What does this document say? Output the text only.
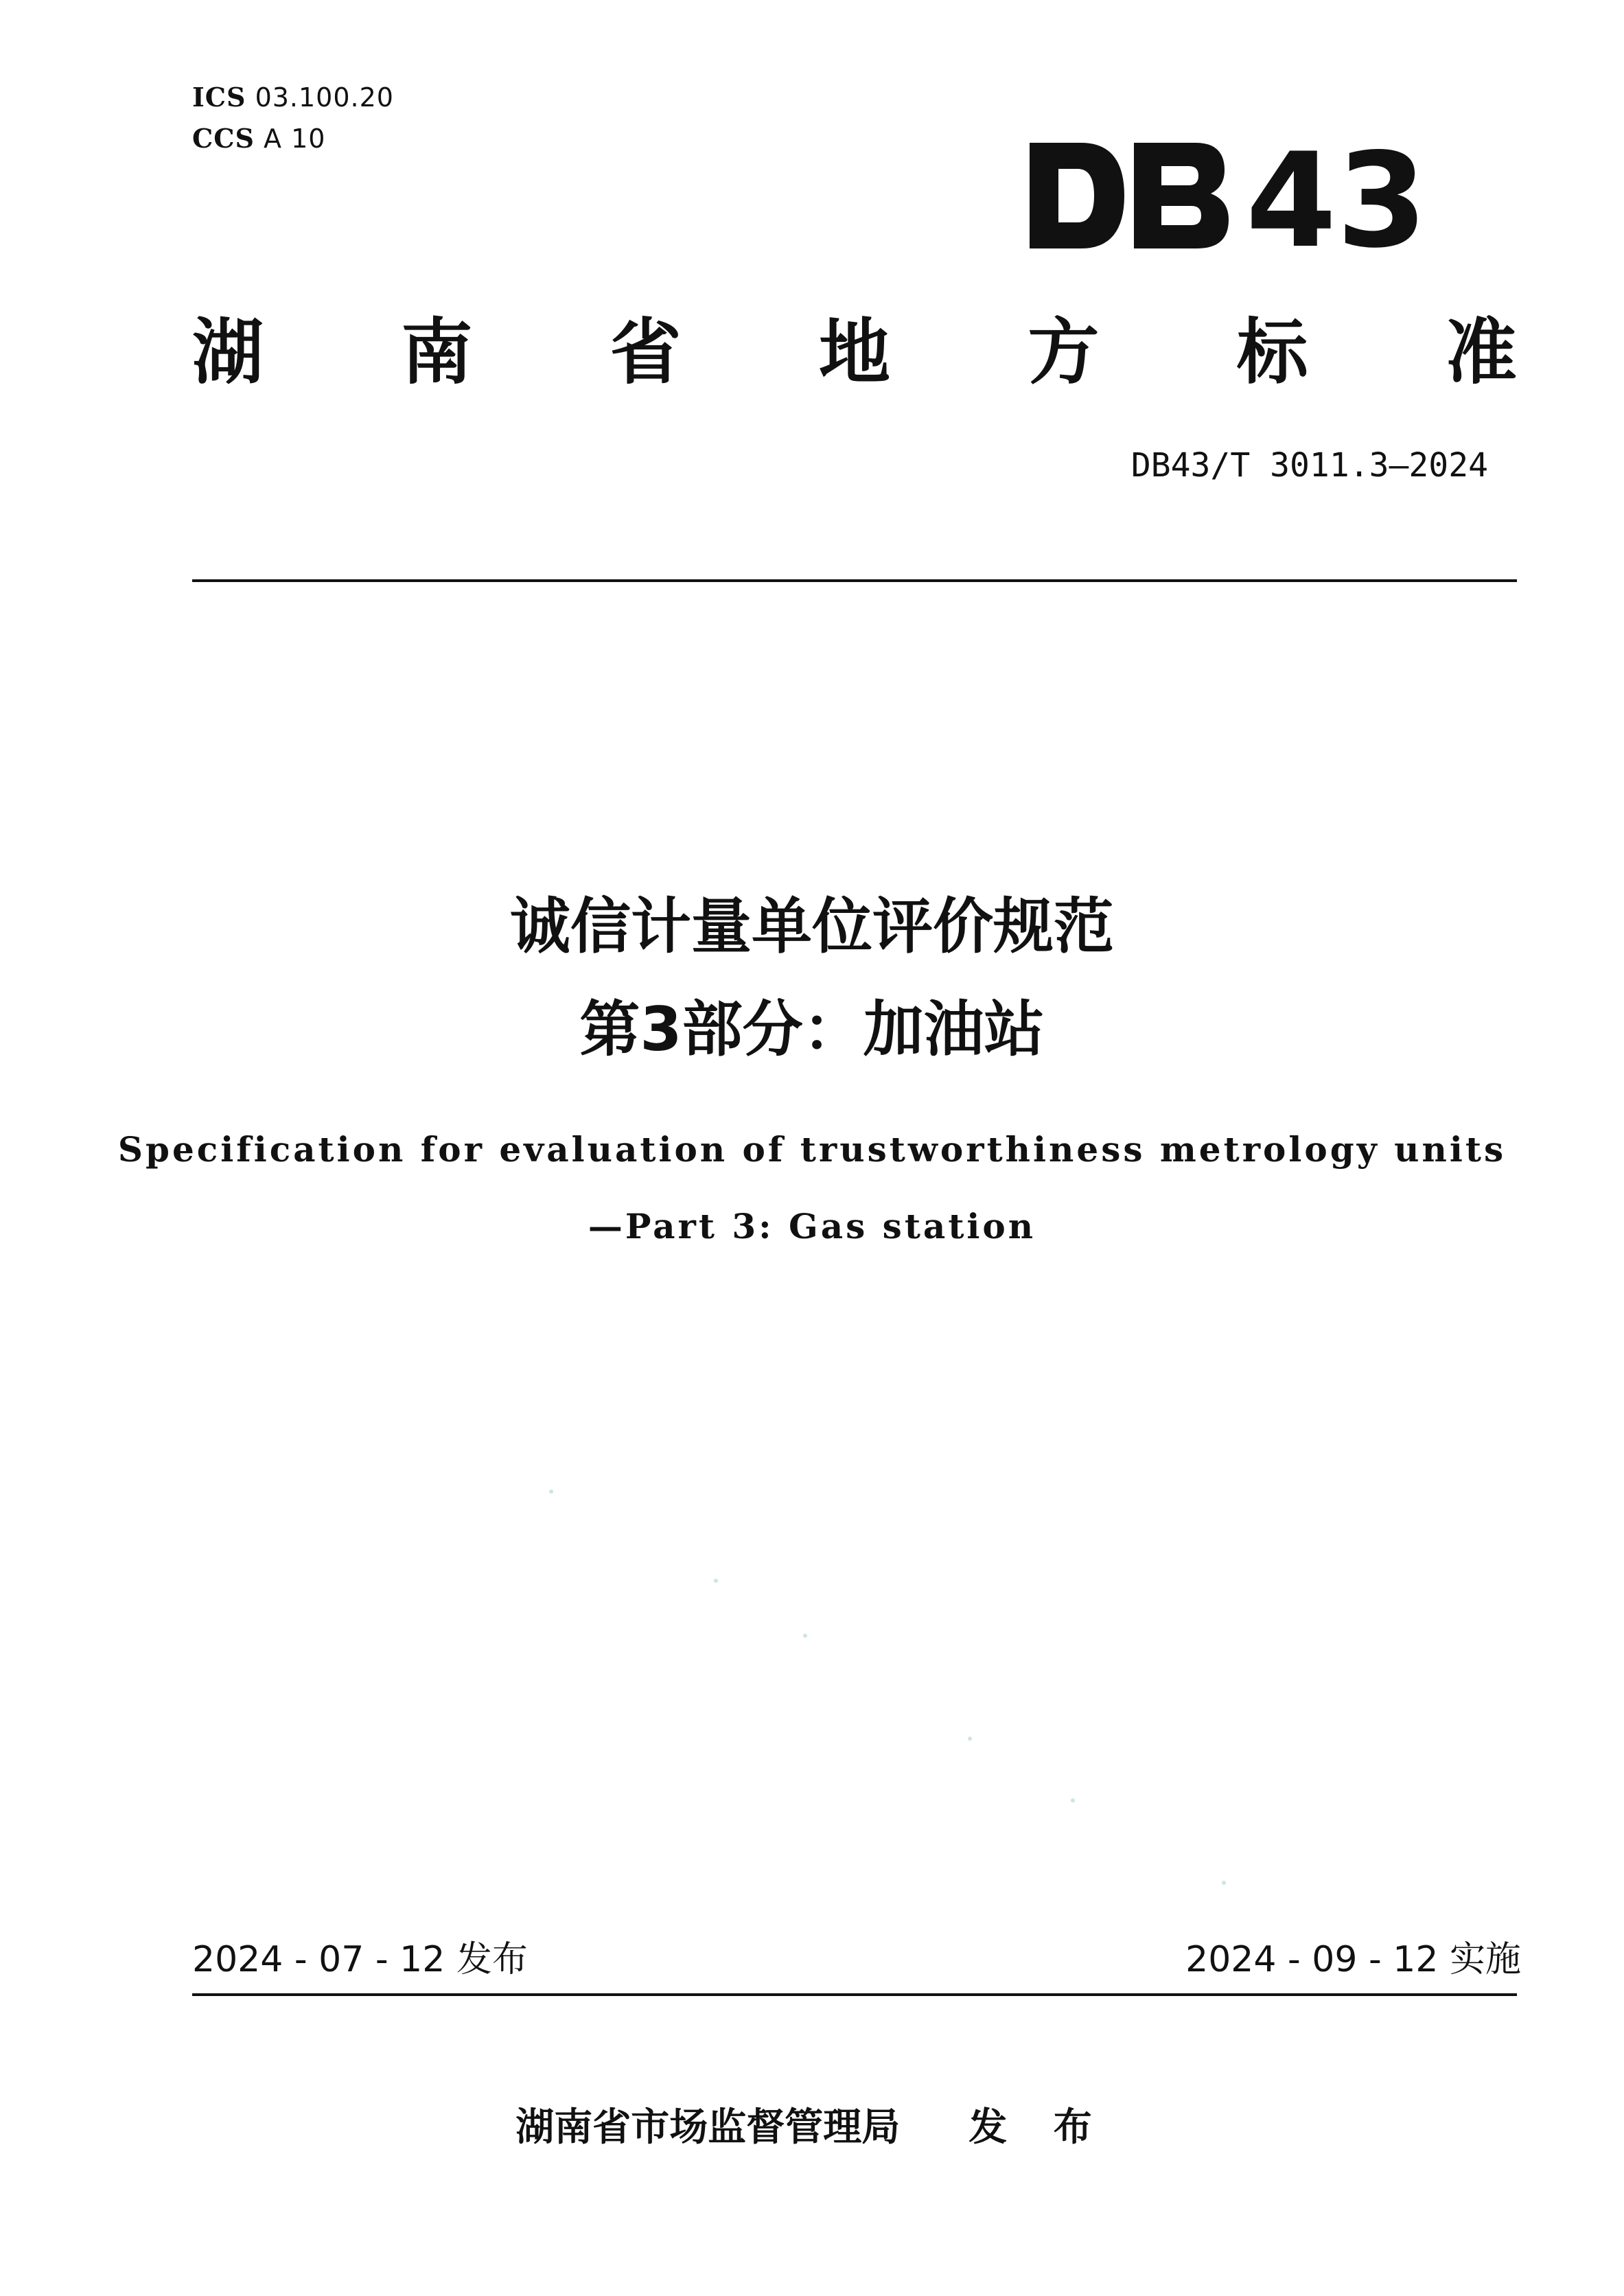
ICS 03.100.20
CCS A 10	43
湖 南 省 地 方 标 准
DB43/T 3011.3—2024
诚信计量单位评价规范
第3部分：加油站
Specification for evaluation of trustworthiness metrology units
—Part 3: Gas station
2024 - 07 - 12 发布	2024 - 09 - 12 实施
湖南省市场监督管理局 发 布
